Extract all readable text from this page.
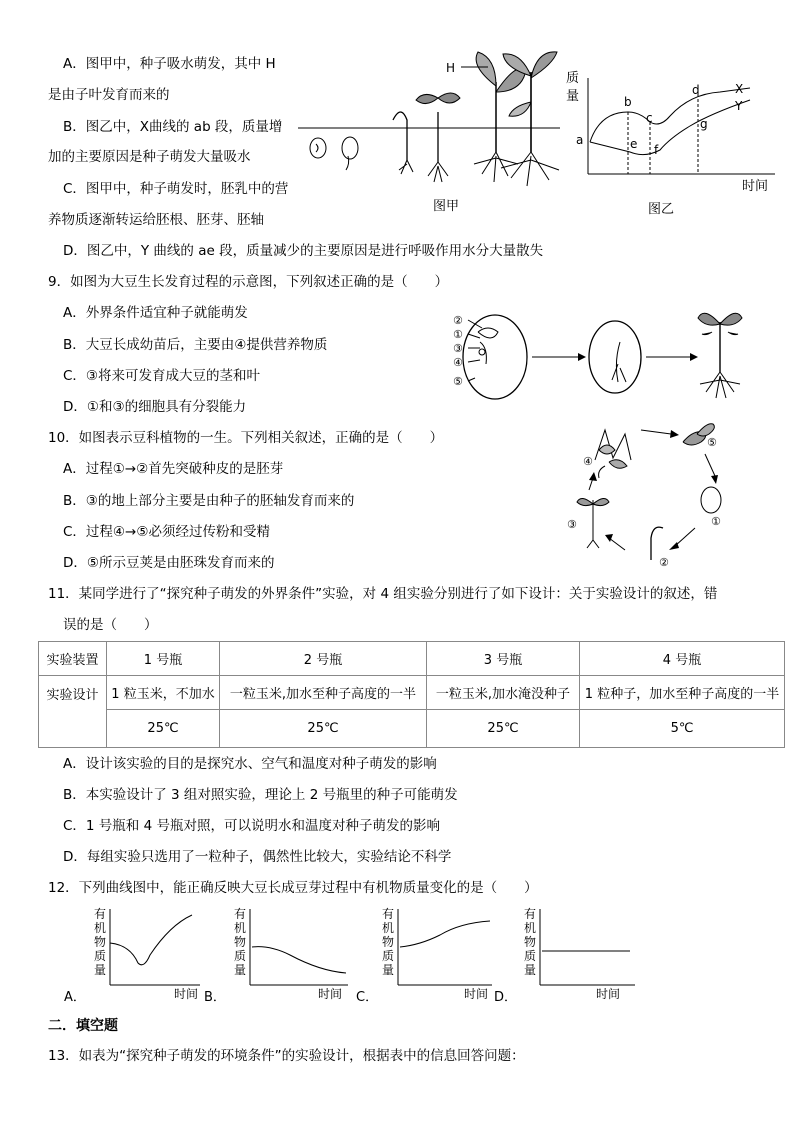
A．图甲中，种子吸水萌发，其中 H
是由子叶发育而来的
B．图乙中，X曲线的 ab 段，质量增
加的主要原因是种子萌发大量吸水
C．图甲中，种子萌发时，胚乳中的营
养物质逐渐转运给胚根、胚芽、胚轴
D．图乙中，Y 曲线的 ae 段，质量减少的主要原因是进行呼吸作用水分大量散失
H
图甲
质
量
时间
a
b
c
d
e f
g
X
Y
图乙
9．如图为大豆生长发育过程的示意图，下列叙述正确的是（　　）
A．外界条件适宜种子就能萌发
B．大豆长成幼苗后，主要由④提供营养物质
C．③将来可发育成大豆的茎和叶
D．①和③的细胞具有分裂能力
②
①
③
④
⑤
10．如图表示豆科植物的一生。下列相关叙述，正确的是（　　）
A．过程①→②首先突破种皮的是胚芽
B．③的地上部分主要是由种子的胚轴发育而来的
C．过程④→⑤必须经过传粉和受精
D．⑤所示豆荚是由胚珠发育而来的
④
⑤
①
②
③
11．某同学进行了“探究种子萌发的外界条件”实验，对 4 组实验分别进行了如下设计：关于实验设计的叙述，错
误的是（　　）
实验装置	1 号瓶	2 号瓶	3 号瓶	4 号瓶
实验设计	1 粒玉米，不加水	一粒玉米,加水至种子高度的一半	一粒玉米,加水淹没种子	1 粒种子，加水至种子高度的一半
	25℃	25℃	25℃	5℃
A．设计该实验的目的是探究水、空气和温度对种子萌发的影响
B．本实验设计了 3 组对照实验，理论上 2 号瓶里的种子可能萌发
C．1 号瓶和 4 号瓶对照，可以说明水和温度对种子萌发的影响
D．每组实验只选用了一粒种子，偶然性比较大，实验结论不科学
12．下列曲线图中，能正确反映大豆长成豆芽过程中有机物质量变化的是（　　）
有
机
物
质
量
时间
A．
有
机
物
质
量
时间
B．
有
机
物
质
量
时间
C．
有
机
物
质
量
时间
D．
二．填空题
13．如表为“探究种子萌发的环境条件”的实验设计，根据表中的信息回答问题：
